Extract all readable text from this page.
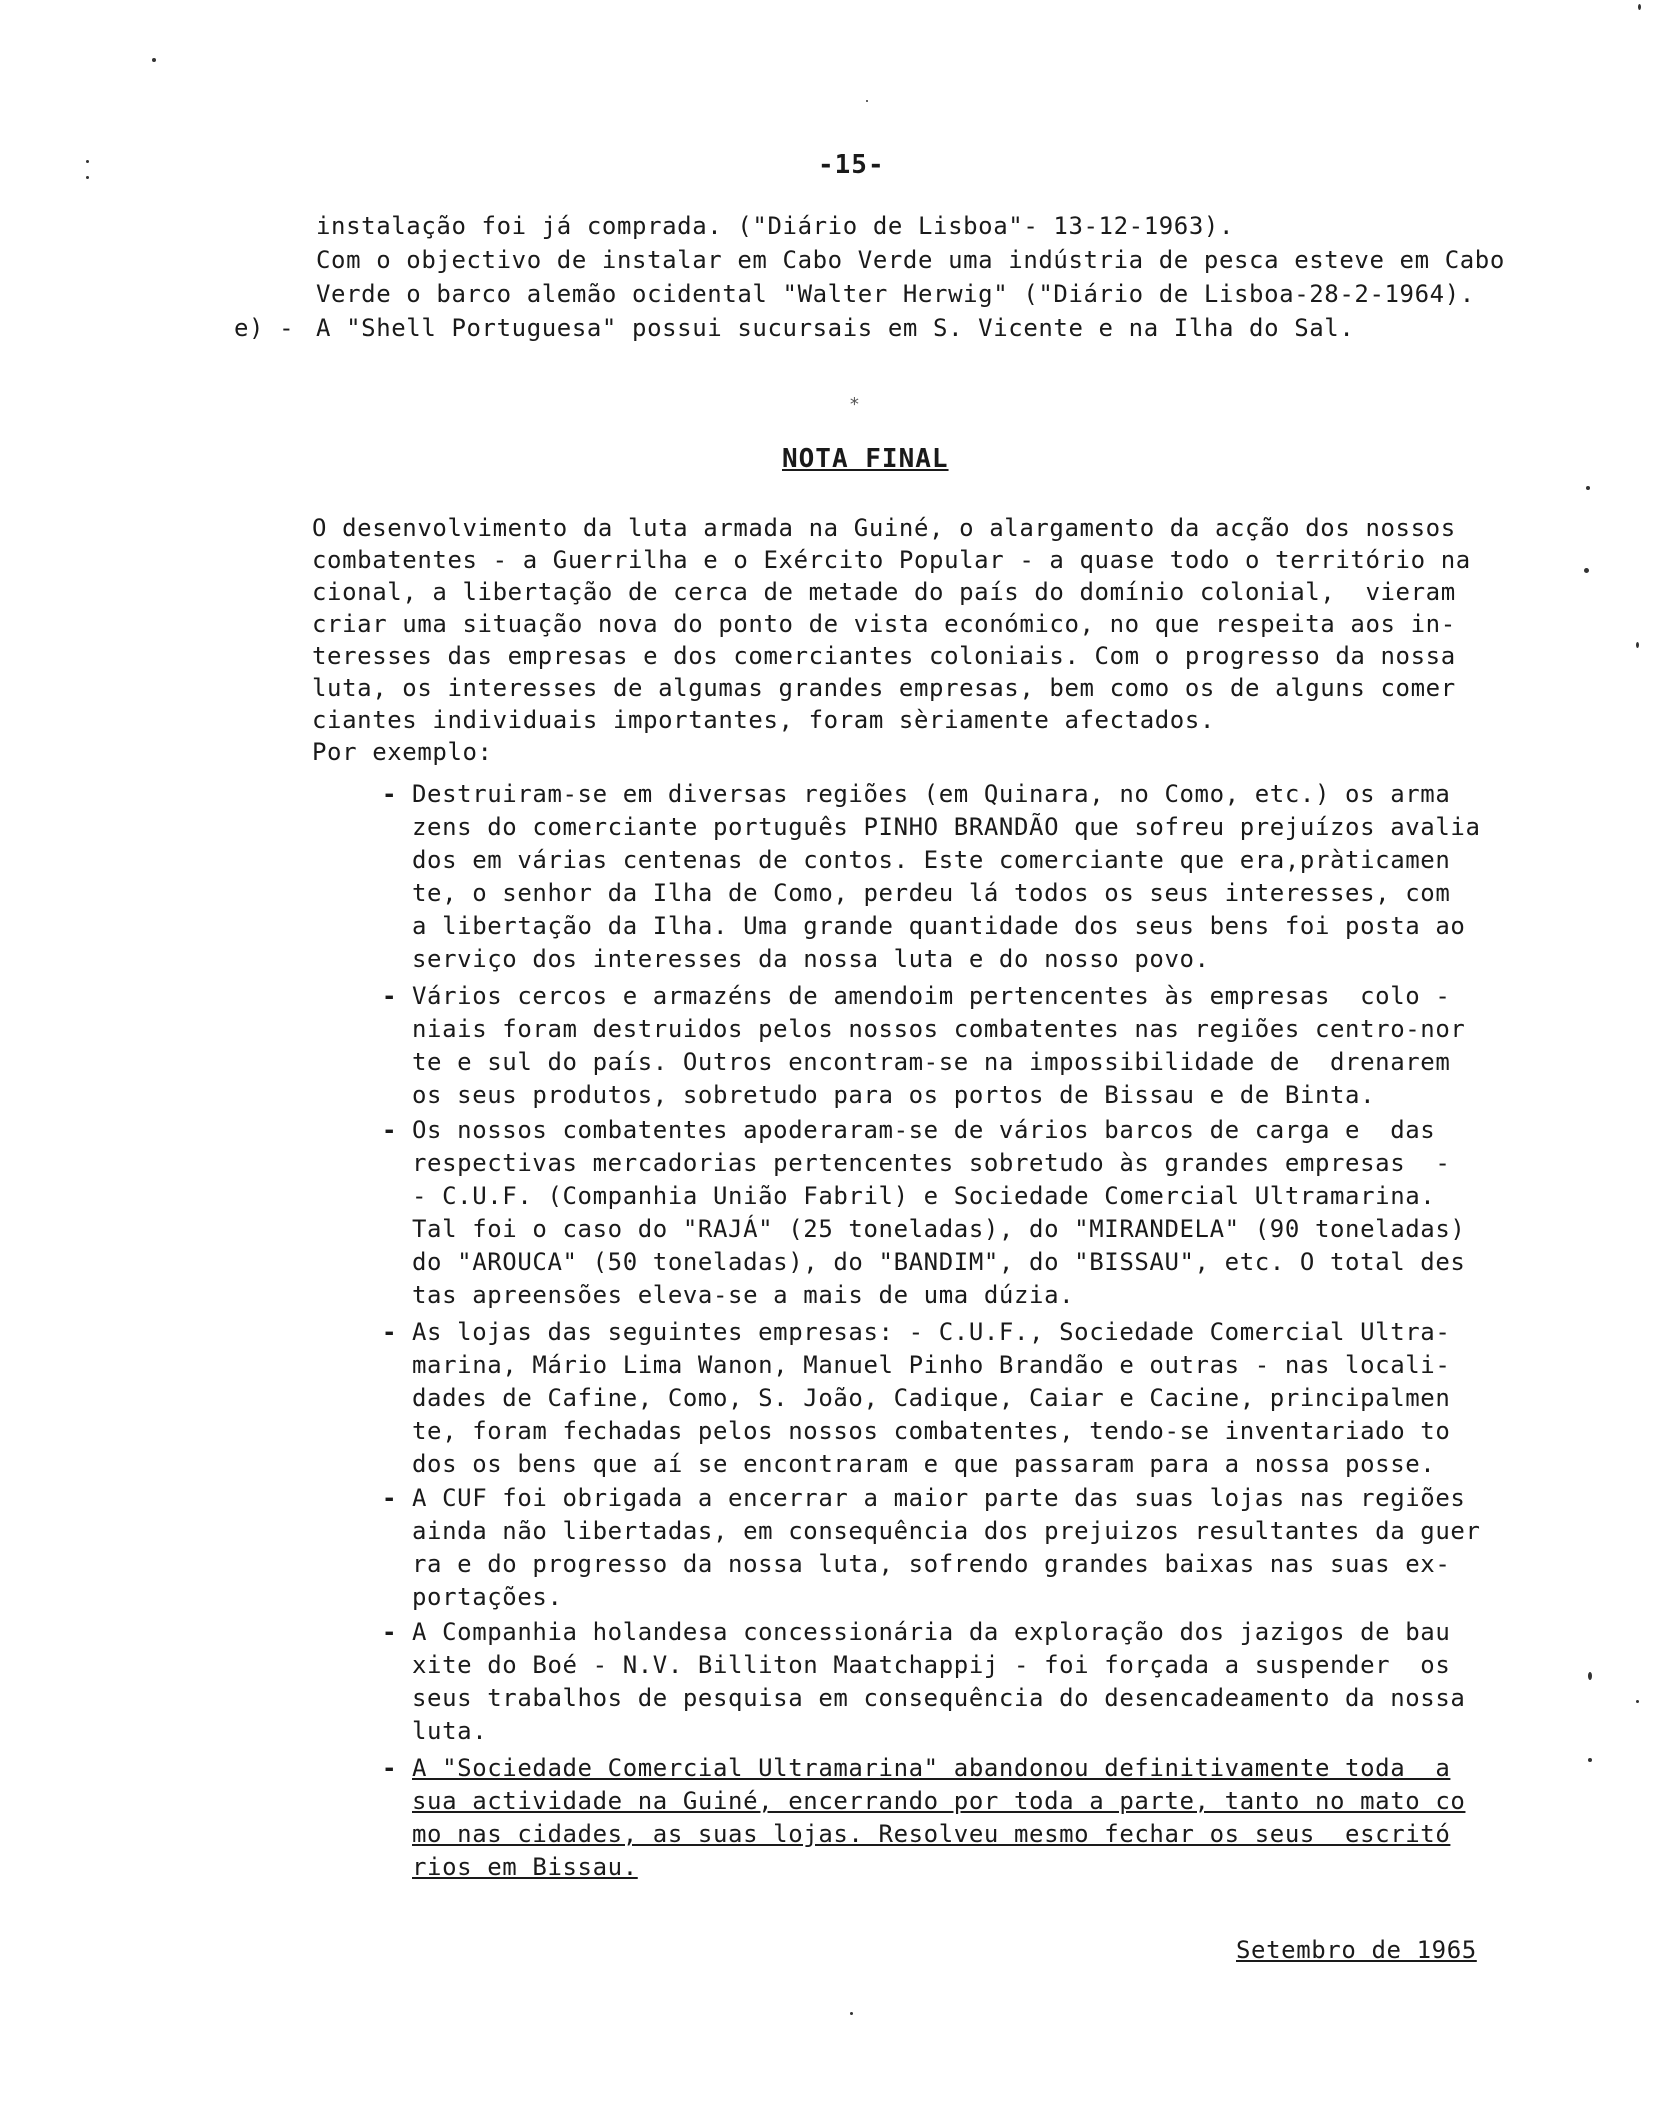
-15-
instalação foi já comprada. ("Diário de Lisboa"- 13-12-1963).
Com o objectivo de instalar em Cabo Verde uma indústria de pesca esteve em Cabo
Verde o barco alemão ocidental "Walter Herwig" ("Diário de Lisboa-28-2-1964).
e) - A "Shell Portuguesa" possui sucursais em S. Vicente e na Ilha do Sal.
*
NOTA FINAL
O desenvolvimento da luta armada na Guiné, o alargamento da acção dos nossos
combatentes - a Guerrilha e o Exército Popular - a quase todo o território na
cional, a libertação de cerca de metade do país do domínio colonial,  vieram
criar uma situação nova do ponto de vista económico, no que respeita aos in-
teresses das empresas e dos comerciantes coloniais. Com o progresso da nossa
luta, os interesses de algumas grandes empresas, bem como os de alguns comer
ciantes individuais importantes, foram sèriamente afectados.
Por exemplo:
- Destruiram-se em diversas regiões (em Quinara, no Como, etc.) os arma
zens do comerciante português PINHO BRANDÃO que sofreu prejuízos avalia
dos em várias centenas de contos. Este comerciante que era,pràticamen
te, o senhor da Ilha de Como, perdeu lá todos os seus interesses, com
a libertação da Ilha. Uma grande quantidade dos seus bens foi posta ao
serviço dos interesses da nossa luta e do nosso povo.
- Vários cercos e armazéns de amendoim pertencentes às empresas  colo -
niais foram destruidos pelos nossos combatentes nas regiões centro-nor
te e sul do país. Outros encontram-se na impossibilidade de  drenarem
os seus produtos, sobretudo para os portos de Bissau e de Binta.
- Os nossos combatentes apoderaram-se de vários barcos de carga e  das
respectivas mercadorias pertencentes sobretudo às grandes empresas  -
- C.U.F. (Companhia União Fabril) e Sociedade Comercial Ultramarina.
Tal foi o caso do "RAJÁ" (25 toneladas), do "MIRANDELA" (90 toneladas)
do "AROUCA" (50 toneladas), do "BANDIM", do "BISSAU", etc. O total des
tas apreensões eleva-se a mais de uma dúzia.
- As lojas das seguintes empresas: - C.U.F., Sociedade Comercial Ultra-
marina, Mário Lima Wanon, Manuel Pinho Brandão e outras - nas locali-
dades de Cafine, Como, S. João, Cadique, Caiar e Cacine, principalmen
te, foram fechadas pelos nossos combatentes, tendo-se inventariado to
dos os bens que aí se encontraram e que passaram para a nossa posse.
- A CUF foi obrigada a encerrar a maior parte das suas lojas nas regiões
ainda não libertadas, em consequência dos prejuizos resultantes da guer
ra e do progresso da nossa luta, sofrendo grandes baixas nas suas ex-
portações.
- A Companhia holandesa concessionária da exploração dos jazigos de bau
xite do Boé - N.V. Billiton Maatchappij - foi forçada a suspender  os
seus trabalhos de pesquisa em consequência do desencadeamento da nossa
luta.
- A "Sociedade Comercial Ultramarina" abandonou definitivamente toda  a
sua actividade na Guiné, encerrando por toda a parte, tanto no mato co
mo nas cidades, as suas lojas. Resolveu mesmo fechar os seus  escritó
rios em Bissau.
Setembro de 1965
